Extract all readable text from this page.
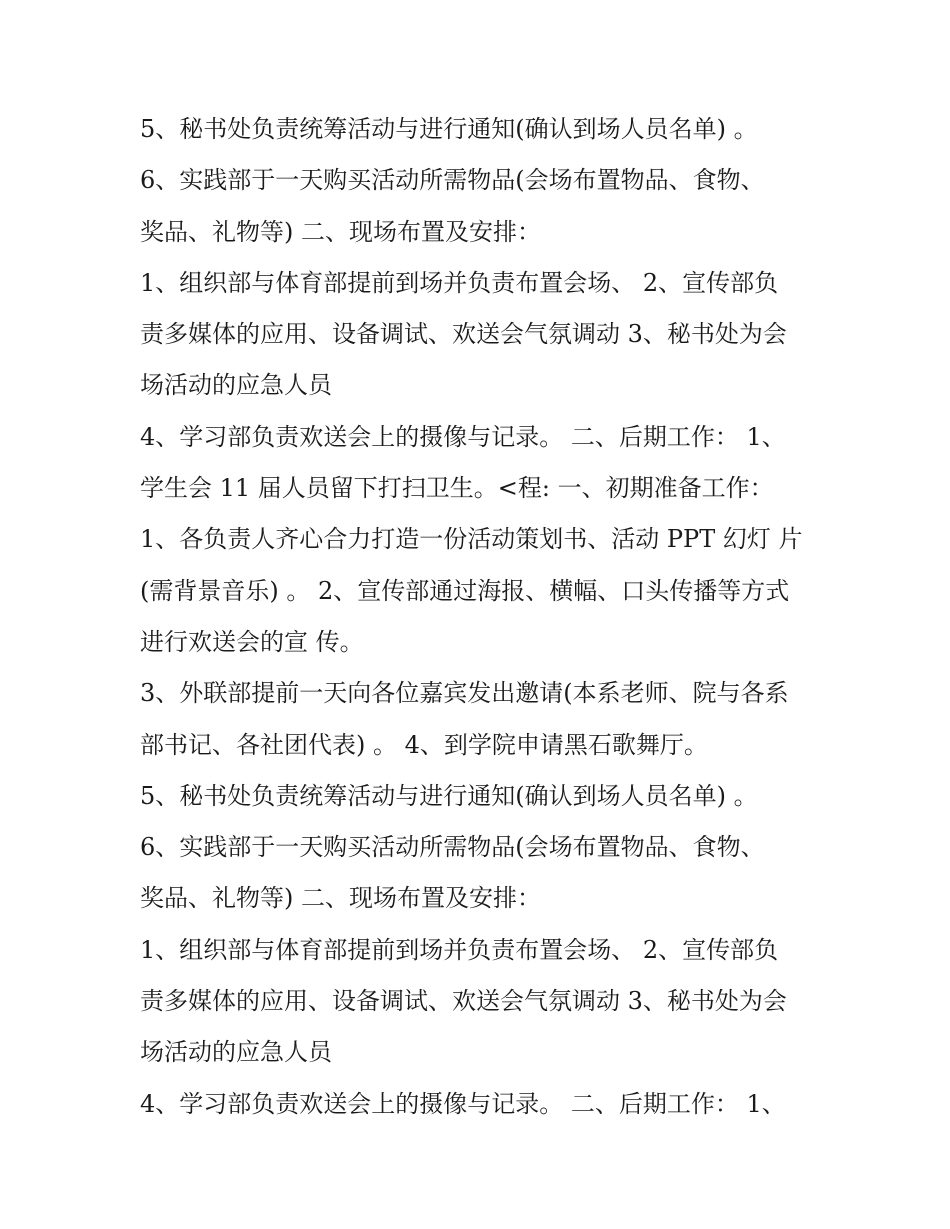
5、秘书处负责统筹活动与进行通知(确认到场人员名单) 。
6、实践部于一天购买活动所需物品(会场布置物品、食物、
奖品、礼物等) 二、现场布置及安排：
1、组织部与体育部提前到场并负责布置会场、 2、宣传部负
责多媒体的应用、设备调试、欢送会气氛调动 3、秘书处为会
场活动的应急人员
4、学习部负责欢送会上的摄像与记录。 二、后期工作： 1、
学生会 11 届人员留下打扫卫生。<程: 一、初期准备工作：
1、各负责人齐心合力打造一份活动策划书、活动 PPT 幻灯 片
(需背景音乐) 。 2、宣传部通过海报、横幅、口头传播等方式
进行欢送会的宣 传。
3、外联部提前一天向各位嘉宾发出邀请(本系老师、院与各系
部书记、各社团代表) 。 4、到学院申请黑石歌舞厅。
5、秘书处负责统筹活动与进行通知(确认到场人员名单) 。
6、实践部于一天购买活动所需物品(会场布置物品、食物、
奖品、礼物等) 二、现场布置及安排：
1、组织部与体育部提前到场并负责布置会场、 2、宣传部负
责多媒体的应用、设备调试、欢送会气氛调动 3、秘书处为会
场活动的应急人员
4、学习部负责欢送会上的摄像与记录。 二、后期工作： 1、
